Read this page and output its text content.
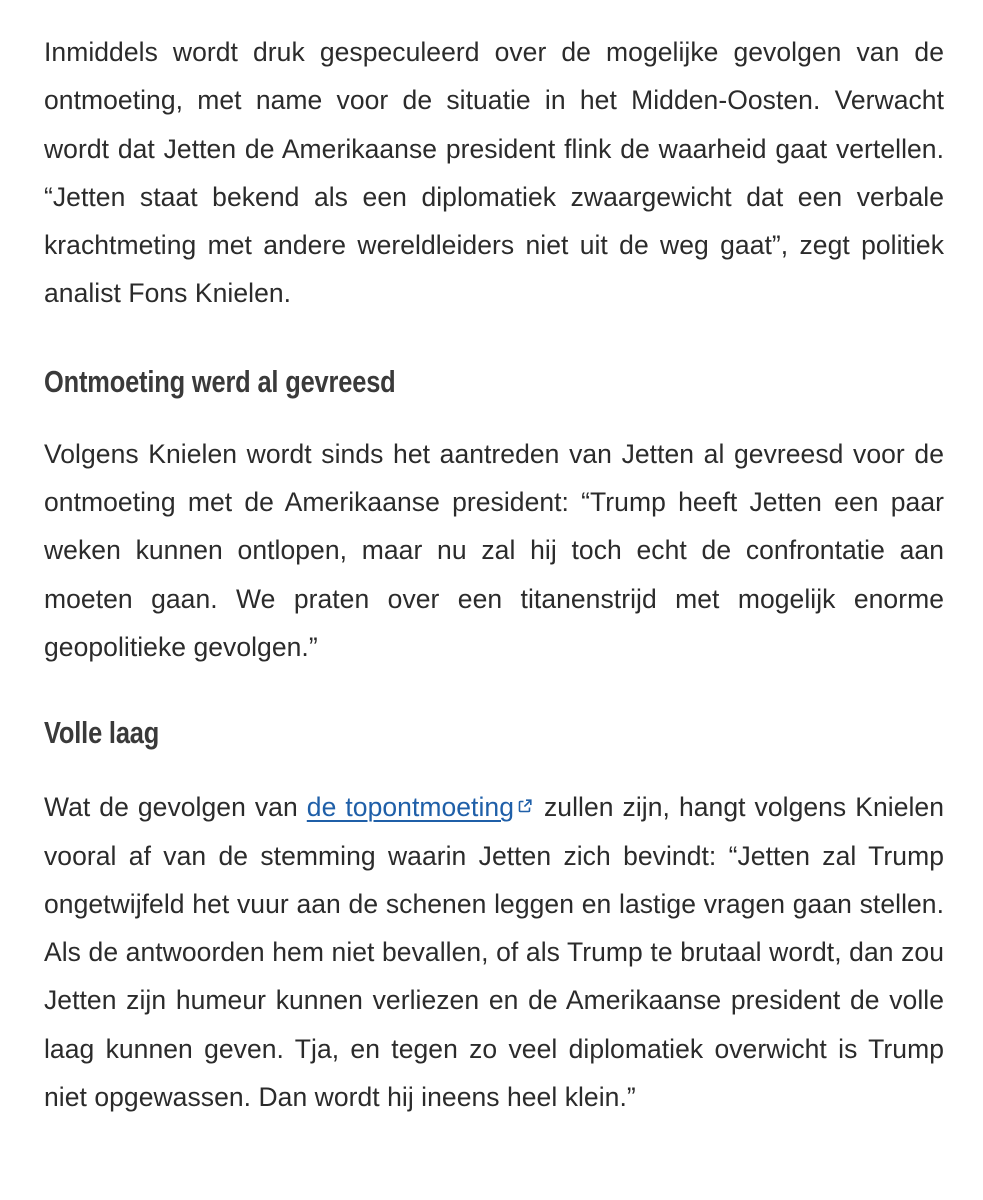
Inmiddels wordt druk gespeculeerd over de mogelijke gevolgen van de ontmoeting, met name voor de situatie in het Midden-Oosten. Verwacht wordt dat Jetten de Amerikaanse president flink de waarheid gaat vertellen. “Jetten staat bekend als een diplomatiek zwaargewicht dat een verbale krachtmeting met andere wereldleiders niet uit de weg gaat”, zegt politiek analist Fons Knielen.

Ontmoeting werd al gevreesd

Volgens Knielen wordt sinds het aantreden van Jetten al gevreesd voor de ontmoeting met de Amerikaanse president: “Trump heeft Jetten een paar weken kunnen ontlopen, maar nu zal hij toch echt de confrontatie aan moeten gaan. We praten over een titanenstrijd met mogelijk enorme geopolitieke gevolgen.”

Volle laag

Wat de gevolgen van de topontmoeting
zullen zijn, hangt volgens Knielen vooral af van de stemming waarin Jetten zich bevindt: “Jetten zal Trump ongetwijfeld het vuur aan de schenen leggen en lastige vragen gaan stellen. Als de antwoorden hem niet bevallen, of als Trump te brutaal wordt, dan zou Jetten zijn humeur kunnen verliezen en de Amerikaanse president de volle laag kunnen geven. Tja, en tegen zo veel diplomatiek overwicht is Trump niet opgewassen. Dan wordt hij ineens heel klein.”
